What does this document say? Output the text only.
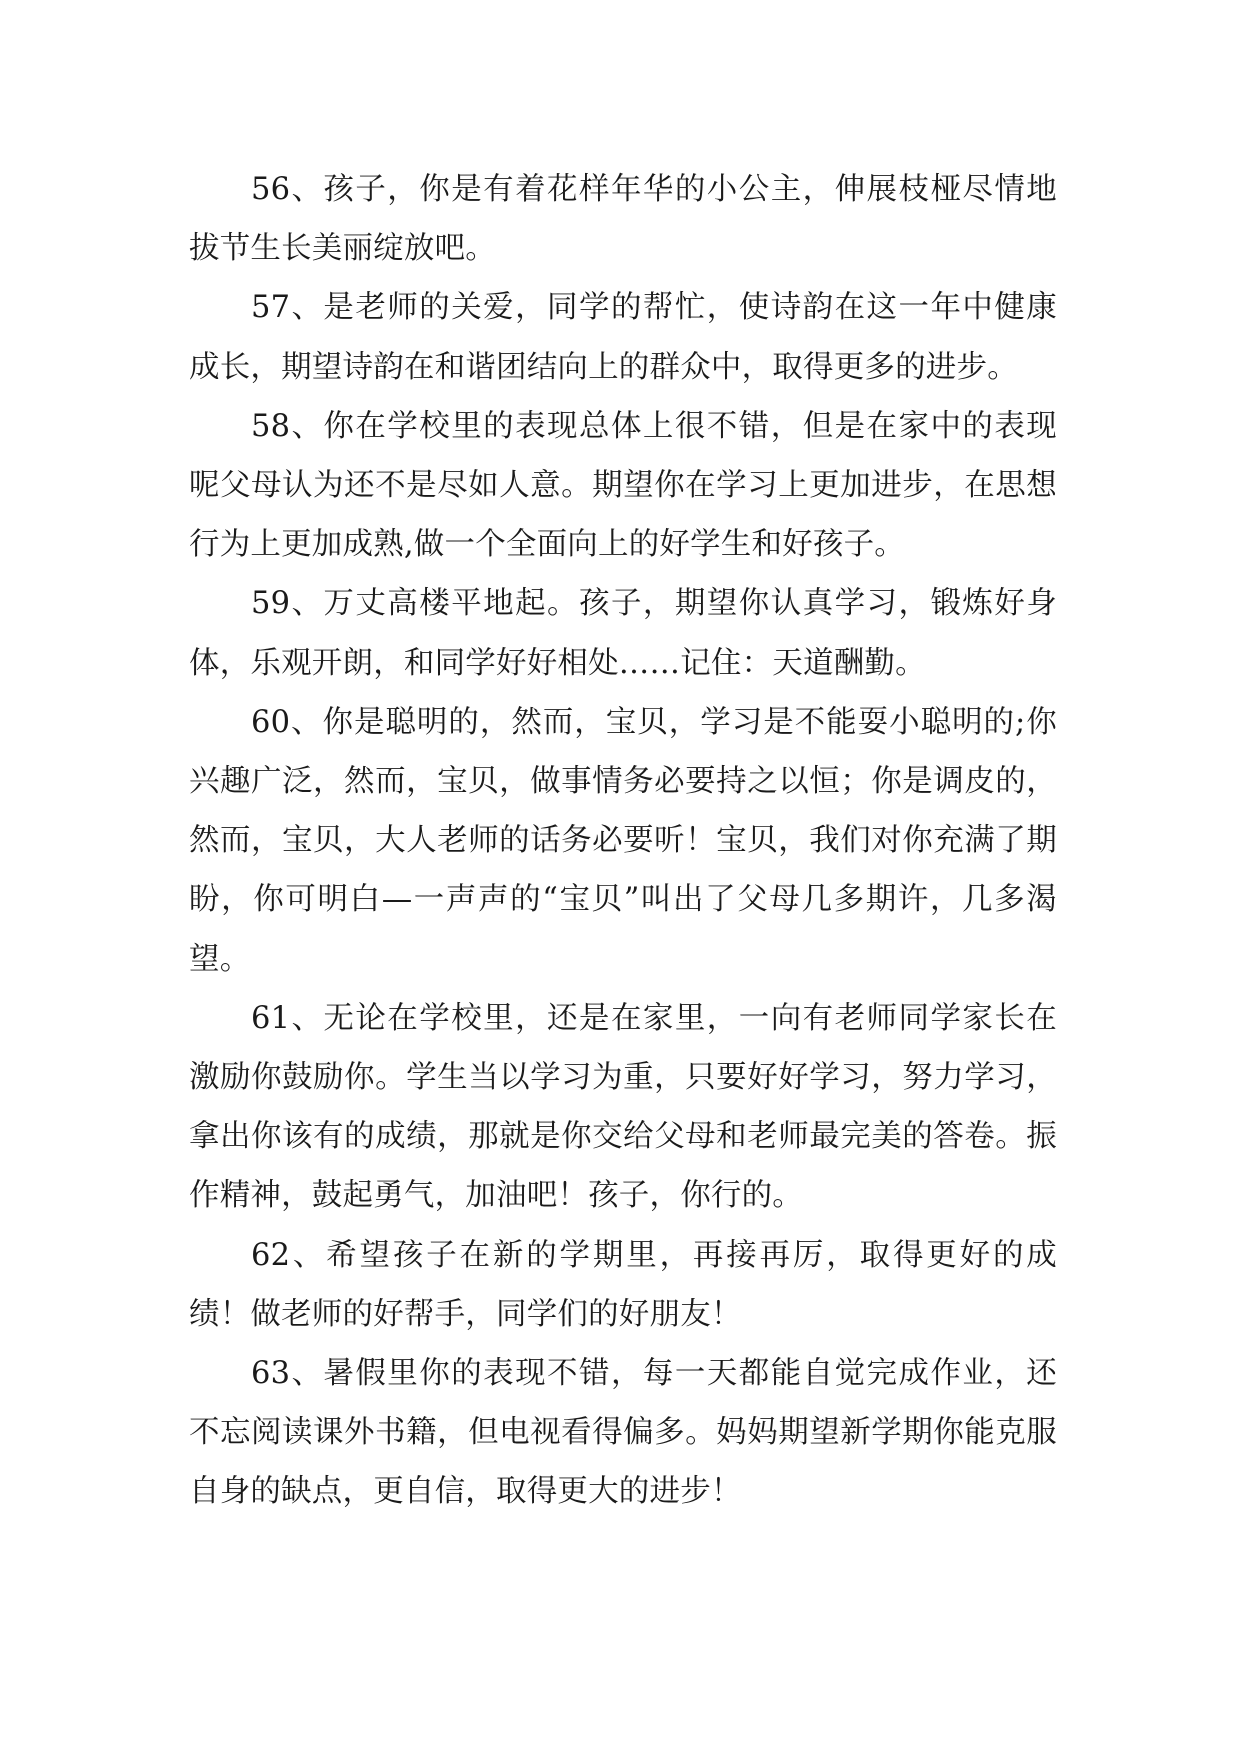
56、孩子，你是有着花样年华的小公主，伸展枝桠尽情地拔节生长美丽绽放吧。

57、是老师的关爱，同学的帮忙，使诗韵在这一年中健康成长，期望诗韵在和谐团结向上的群众中，取得更多的进步。

58、你在学校里的表现总体上很不错，但是在家中的表现呢父母认为还不是尽如人意。期望你在学习上更加进步，在思想行为上更加成熟,做一个全面向上的好学生和好孩子。

59、万丈高楼平地起。孩子，期望你认真学习，锻炼好身体，乐观开朗，和同学好好相处……记住：天道酬勤。

60、你是聪明的，然而，宝贝，学习是不能耍小聪明的;你兴趣广泛，然而，宝贝，做事情务必要持之以恒；你是调皮的，然而，宝贝，大人老师的话务必要听！宝贝，我们对你充满了期盼，你可明白—一声声的“宝贝”叫出了父母几多期许，几多渴望。

61、无论在学校里，还是在家里，一向有老师同学家长在激励你鼓励你。学生当以学习为重，只要好好学习，努力学习，拿出你该有的成绩，那就是你交给父母和老师最完美的答卷。振作精神，鼓起勇气，加油吧！孩子，你行的。

62、希望孩子在新的学期里，再接再厉，取得更好的成绩！做老师的好帮手，同学们的好朋友！

63、暑假里你的表现不错，每一天都能自觉完成作业，还不忘阅读课外书籍，但电视看得偏多。妈妈期望新学期你能克服自身的缺点，更自信，取得更大的进步！
